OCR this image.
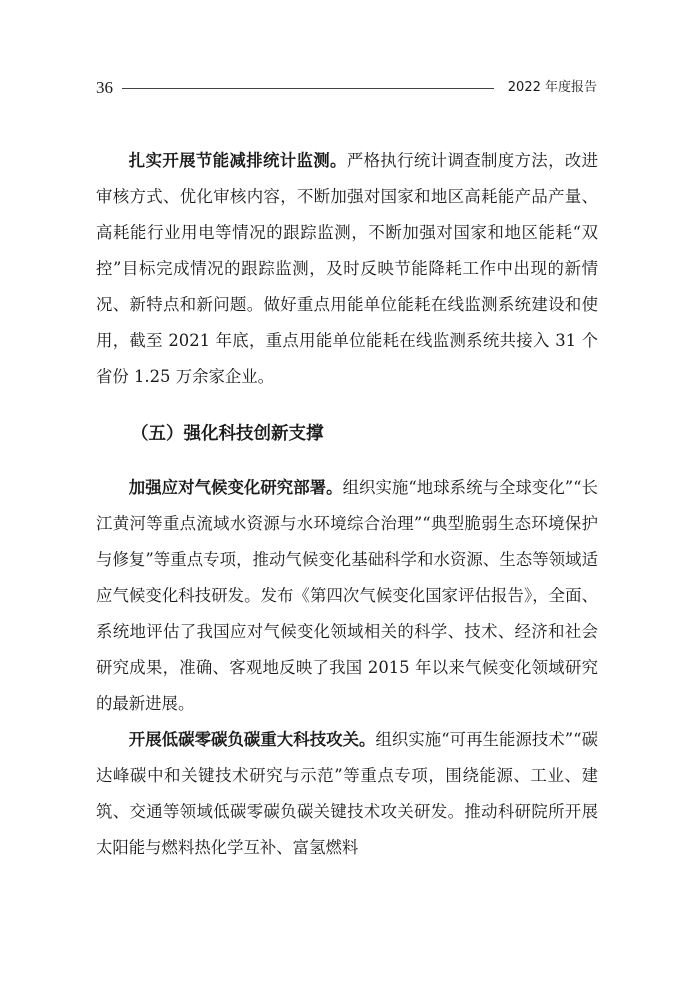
36	2022 年度报告

扎实开展节能减排统计监测。严格执行统计调查制度方法，改进审核方式、优化审核内容，不断加强对国家和地区高耗能产品产量、高耗能行业用电等情况的跟踪监测，不断加强对国家和地区能耗“双控”目标完成情况的跟踪监测，及时反映节能降耗工作中出现的新情况、新特点和新问题。做好重点用能单位能耗在线监测系统建设和使用，截至 2021 年底，重点用能单位能耗在线监测系统共接入 31 个省份 1.25 万余家企业。

（五）强化科技创新支撑

加强应对气候变化研究部署。组织实施“地球系统与全球变化”“长江黄河等重点流域水资源与水环境综合治理”“典型脆弱生态环境保护与修复”等重点专项，推动气候变化基础科学和水资源、生态等领域适应气候变化科技研发。发布《第四次气候变化国家评估报告》，全面、系统地评估了我国应对气候变化领域相关的科学、技术、经济和社会研究成果，准确、客观地反映了我国 2015 年以来气候变化领域研究的最新进展。

开展低碳零碳负碳重大科技攻关。组织实施“可再生能源技术”“碳达峰碳中和关键技术研究与示范”等重点专项，围绕能源、工业、建筑、交通等领域低碳零碳负碳关键技术攻关研发。推动科研院所开展太阳能与燃料热化学互补、富氢燃料
